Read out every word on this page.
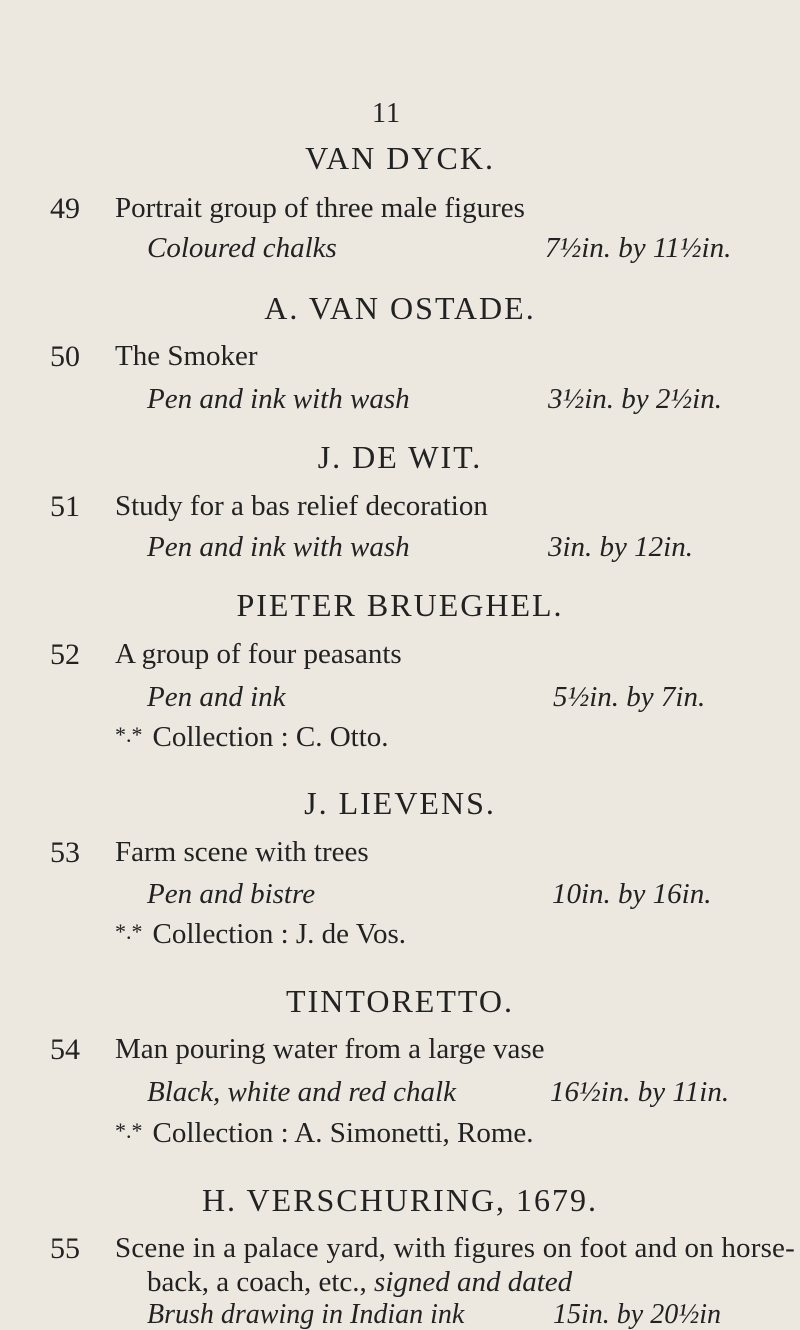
11
VAN DYCK.
49 Portrait group of three male figures
Coloured chalks	7½in. by 11½in.
A. VAN OSTADE.
50 The Smoker
Pen and ink with wash	3½in. by 2½in.
J. DE WIT.
51 Study for a bas relief decoration
Pen and ink with wash	3in. by 12in.
PIETER BRUEGHEL.
52 A group of four peasants
Pen and ink	5½in. by 7in.
*.* Collection : C. Otto.
J. LIEVENS.
53 Farm scene with trees
Pen and bistre	10in. by 16in.
*.* Collection : J. de Vos.
TINTORETTO.
54 Man pouring water from a large vase
Black, white and red chalk	16½in. by 11in.
*.* Collection : A. Simonetti, Rome.
H. VERSCHURING, 1679.
55 Scene in a palace yard, with figures on foot and on horse-
back, a coach, etc., signed and dated
Brush drawing in Indian ink	15in. by 20½in
